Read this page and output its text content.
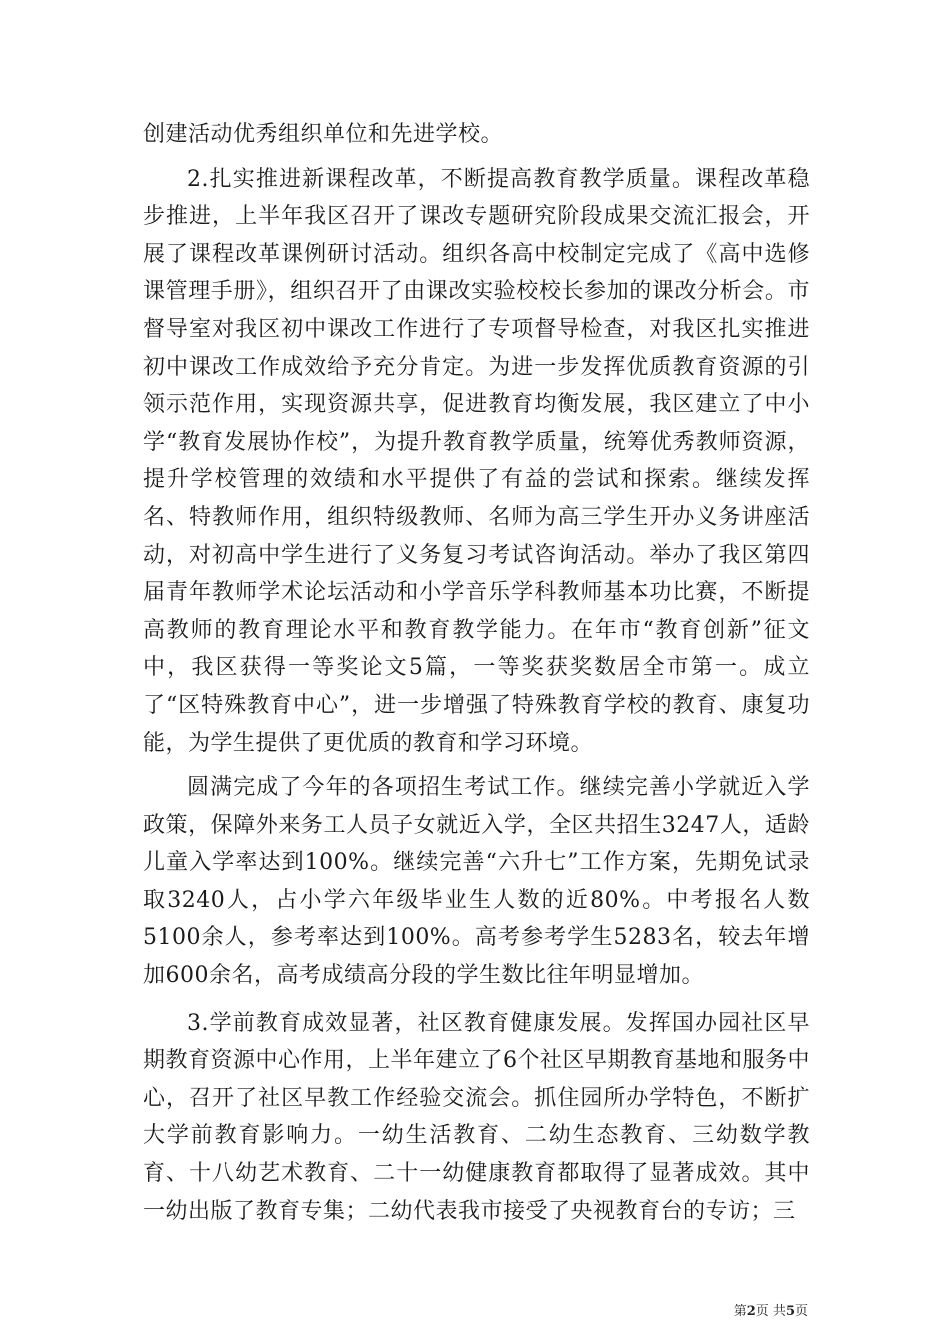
创建活动优秀组织单位和先进学校。

2.扎实推进新课程改革，不断提高教育教学质量。课程改革稳步推进，上半年我区召开了课改专题研究阶段成果交流汇报会，开展了课程改革课例研讨活动。组织各高中校制定完成了《高中选修课管理手册》，组织召开了由课改实验校校长参加的课改分析会。市督导室对我区初中课改工作进行了专项督导检查，对我区扎实推进初中课改工作成效给予充分肯定。为进一步发挥优质教育资源的引领示范作用，实现资源共享，促进教育均衡发展，我区建立了中小学“教育发展协作校”，为提升教育教学质量，统筹优秀教师资源，提升学校管理的效绩和水平提供了有益的尝试和探索。继续发挥名、特教师作用，组织特级教师、名师为高三学生开办义务讲座活动，对初高中学生进行了义务复习考试咨询活动。举办了我区第四届青年教师学术论坛活动和小学音乐学科教师基本功比赛，不断提高教师的教育理论水平和教育教学能力。在年市“教育创新”征文中，我区获得一等奖论文5篇，一等奖获奖数居全市第一。成立了“区特殊教育中心”，进一步增强了特殊教育学校的教育、康复功能，为学生提供了更优质的教育和学习环境。

圆满完成了今年的各项招生考试工作。继续完善小学就近入学政策，保障外来务工人员子女就近入学，全区共招生3247人，适龄儿童入学率达到100%。继续完善“六升七”工作方案，先期免试录取3240人，占小学六年级毕业生人数的近80%。中考报名人数5100余人，参考率达到100%。高考参考学生5283名，较去年增加600余名，高考成绩高分段的学生数比往年明显增加。

3.学前教育成效显著，社区教育健康发展。发挥国办园社区早期教育资源中心作用，上半年建立了6个社区早期教育基地和服务中心，召开了社区早教工作经验交流会。抓住园所办学特色，不断扩大学前教育影响力。一幼生活教育、二幼生态教育、三幼数学教育、十八幼艺术教育、二十一幼健康教育都取得了显著成效。其中一幼出版了教育专集；二幼代表我市接受了央视教育台的专访；三

第2页 共5页
